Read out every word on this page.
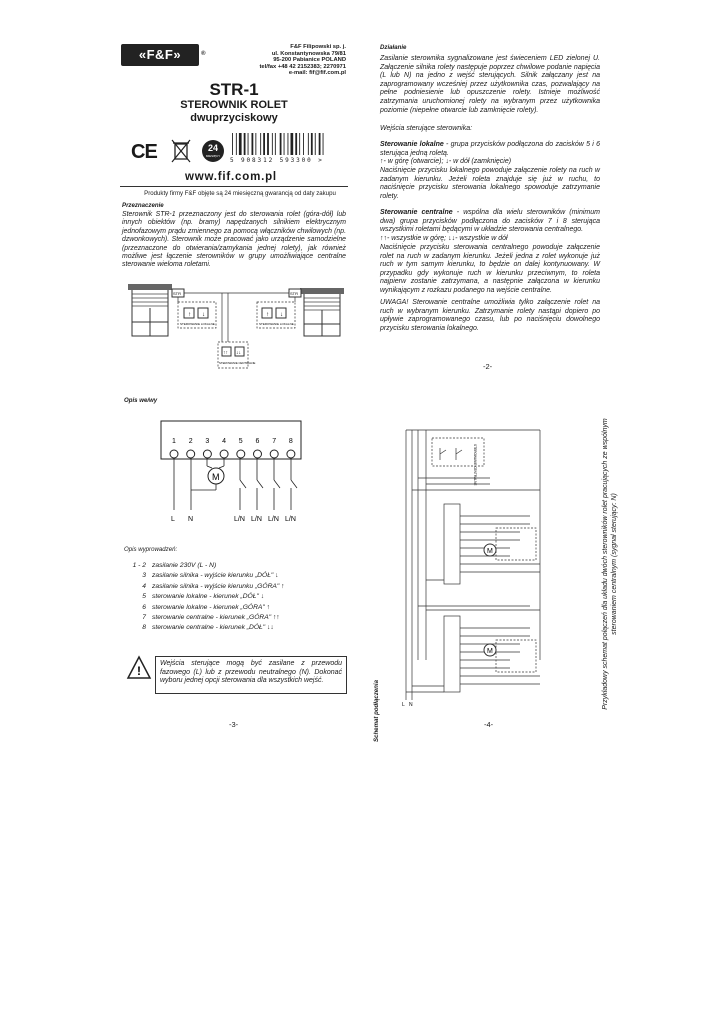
«F&F»	®
F&F Filipowski sp. j.
ul. Konstantynowska 79/81
95-200 Pabianice POLAND
tel/fax +48 42 2152383; 2270971
e-mail: fif@fif.com.pl
STR-1
STEROWNIK ROLET
dwuprzyciskowy
CE	24
MIESIĘCY
5 908312 593300 >
www.fif.com.pl
Produkty firmy F&F objęte są 24 miesięczną gwarancją od daty zakupu
Przeznaczenie
Sterownik STR-1 przeznaczony jest do sterowania rolet (góra-dół) lub innych obiektów (np. bramy) napędzanych silnikiem elektrycznym jednofazowym prądu zmiennego za pomocą włączników chwilowych (np. dzwonkowych). Sterownik może pracować jako urządzenie samodzielne (przeznaczone do otwierania/zamykania jednej rolety), jak również możliwe jest łączenie sterowników w grupy umożliwiające centralne sterowanie wieloma roletami.
STR	STR
↑ ↓
STEROWANIE LOKALNE
↑ ↓
STEROWANIE LOKALNE
↑↑ ↓↓
STEROWANIE CENTRALNE
Działanie
Zasilanie sterownika sygnalizowane jest świeceniem LED zielonej U. Załączenie silnika rolety następuje poprzez chwilowe podanie napięcia (L lub N) na jedno z wejść sterujących. Silnik załączany jest na zaprogramowany wcześniej przez użytkownika czas, pozwalający na pełne podniesienie lub opuszczenie rolety. Istnieje możliwość zatrzymania uruchomionej rolety na wybranym przez użytkownika poziomie (niepełne otwarcie lub zamknięcie rolety).
Wejścia sterujące sterownika:
Sterowanie lokalne - grupa przycisków podłączona do zacisków 5 i 6 sterująca jedną roletą.
↑- w górę (otwarcie); ↓- w dół (zamknięcie)
Naciśnięcie przycisku lokalnego powoduje załączenie rolety na ruch w zadanym kierunku. Jeżeli roleta znajduje się już w ruchu, to naciśnięcie przycisku sterowania lokalnego spowoduje zatrzymanie rolety.
Sterowanie centralne - wspólna dla wielu sterowników (minimum dwa) grupa przycisków podłączona do zacisków 7 i 8 sterująca wszystkimi roletami będącymi w układzie sterowania centralnego.
↑↑- wszystkie w górę; ↓↓- wszystkie w dół
Naciśnięcie przycisku sterowania centralnego powoduje załączenie rolet na ruch w zadanym kierunku. Jeżeli jedna z rolet wykonuje już ruch w tym samym kierunku, to będzie on dalej kontynuowany. W przypadku gdy wykonuje ruch w kierunku przeciwnym, to roleta najpierw zostanie zatrzymana, a następnie załączona w kierunku wynikającym z rozkazu podanego na wejście centralne.
UWAGA! Sterowanie centralne umożliwia tylko załączenie rolet na ruch w wybranym kierunku. Zatrzymanie rolety nastąpi dopiero po upływie zaprogramowanego czasu, lub po naciśnięciu dowolnego przycisku sterowania lokalnego.
-2-
Opis we/wy
1 2 3 4 5 6 7 8
M
L N	L/N L/N L/N L/N
Opis wyprowadzeń:
1 - 2 zasilanie 230V (L - N)
3 zasilanie silnika - wyjście kierunku „DÓŁ" ↓
4 zasilanie silnika - wyjście kierunku „GÓRA" ↑
5 sterowanie lokalne - kierunek „DÓŁ" ↓
6 sterowanie lokalne - kierunek „GÓRA" ↑
7 sterowanie centralne - kierunek „GÓRA" ↑↑
8 sterowanie centralne - kierunek „DÓŁ" ↓↓
!
Wejścia sterujące mogą być zasilane z przewodu fazowego (L) lub z przewodu neutralnego (N). Dokonać wyboru jednej opcji sterowania dla wszystkich wejść.
-3-	Schemat podłączenia
M
M
STEROWANIE CENTRALNE
L N	Przykładowy schemat połączeń dla układu dwóch sterowników rolet pracujących ze wspólnym sterowaniem centralnym (sygnał sterujący: N)
-4-
